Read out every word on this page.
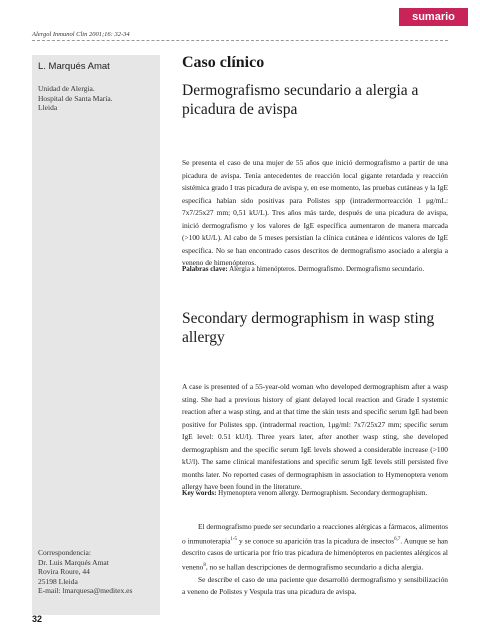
sumario
Alergol Inmunol Clin 2001;16: 32-34
L. Marqués Amat
Unidad de Alergia.
Hospital de Santa María.
Lleida
Correspondencia:
Dr. Luis Marqués Amat
Rovira Roure, 44
25198 Lleida
E-mail: lmarquesa@meditex.es
32
Caso clínico
Dermografismo secundario a alergia a picadura de avispa
Se presenta el caso de una mujer de 55 años que inició dermografismo a partir de una picadura de avispa. Tenía antecedentes de reacción local gigante retardada y reacción sistémica grado I tras picadura de avispa y, en ese momento, las pruebas cutáneas y la IgE específica habían sido positivas para Polistes spp (intradermorreacción 1 μg/mL: 7x7/25x27 mm; 0,51 kU/L). Tres años más tarde, después de una picadura de avispa, inició dermografismo y los valores de IgE específica aumentaron de manera marcada (>100 kU/L). Al cabo de 5 meses persistían la clínica cutánea e idénticos valores de IgE específica. No se han encontrado casos descritos de dermografismo asociado a alergia a veneno de himenópteros.
Palabras clave: Alergia a himenópteros. Dermografismo. Dermografismo secundario.
Secondary dermographism in wasp sting allergy
A case is presented of a 55-year-old woman who developed dermographism after a wasp sting. She had a previous history of giant delayed local reaction and Grade I systemic reaction after a wasp sting, and at that time the skin tests and specific serum IgE had been positive for Polistes spp. (intradermal reaction, 1μg/ml: 7x7/25x27 mm; specific serum IgE level: 0.51 kU/l). Three years later, after another wasp sting, she developed dermographism and the specific serum IgE levels showed a considerable increase (>100 kU/l). The same clinical manifestations and specific serum IgE levels still persisted five months later. No reported cases of dermographism in association to Hymenoptera venom allergy have been found in the literature.
Key words: Hymenoptera venom allergy. Dermographism. Secondary dermographism.

El dermografismo puede ser secundario a reacciones alérgicas a fármacos, alimentos o inmunoterapia$^{1-5}$ y se conoce su aparición tras la picadura de insectos$^{6,7}$. Aunque se han descrito casos de urticaria por frío tras picadura de himenópteros en pacientes alérgicos al veneno$^8$, no se hallan descripciones de dermografismo secundario a dicha alergia.

Se describe el caso de una paciente que desarrolló dermografismo y sensibilización a veneno de Polistes y Vespula tras una picadura de avispa.
